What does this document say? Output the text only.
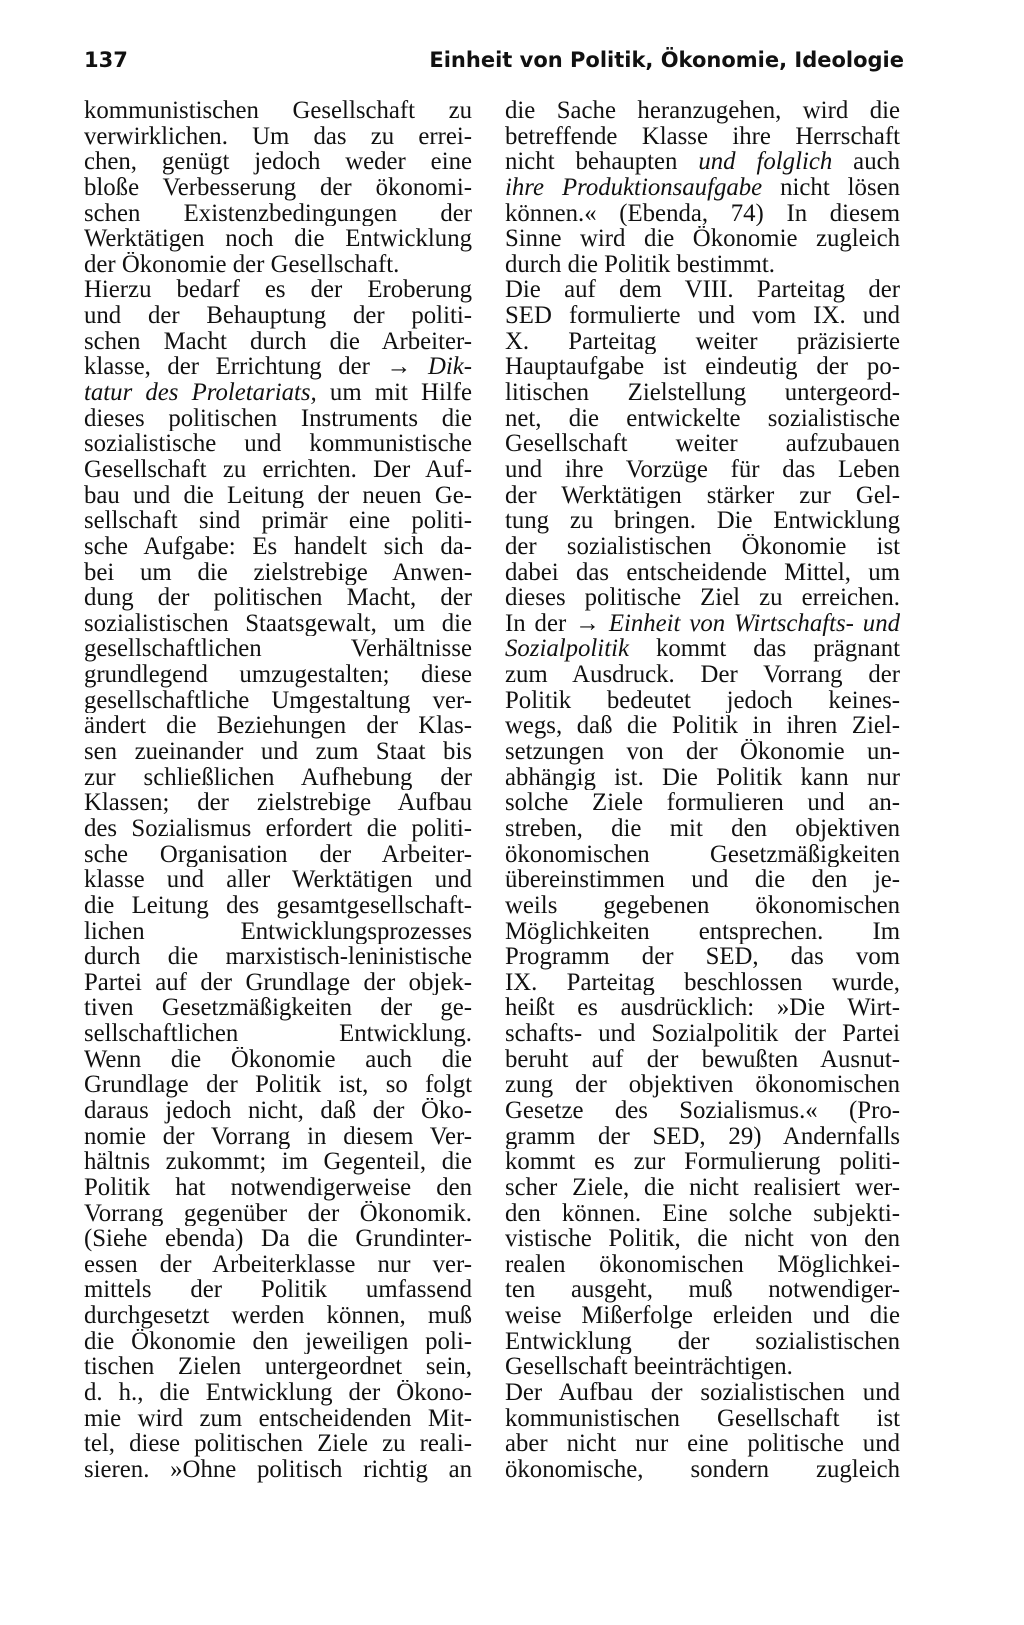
137	Einheit von Politik, Ökonomie, Ideologie
kommunistischen Gesellschaft zu
verwirklichen. Um das zu errei-
chen, genügt jedoch weder eine
bloße Verbesserung der ökonomi-
schen Existenzbedingungen der
Werktätigen noch die Entwicklung
der Ökonomie der Gesellschaft.
Hierzu bedarf es der Eroberung
und der Behauptung der politi-
schen Macht durch die Arbeiter-
klasse, der Errichtung der → Dik-
tatur des Proletariats, um mit Hilfe
dieses politischen Instruments die
sozialistische und kommunistische
Gesellschaft zu errichten. Der Auf-
bau und die Leitung der neuen Ge-
sellschaft sind primär eine politi-
sche Aufgabe: Es handelt sich da-
bei um die zielstrebige Anwen-
dung der politischen Macht, der
sozialistischen Staatsgewalt, um die
gesellschaftlichen Verhältnisse
grundlegend umzugestalten; diese
gesellschaftliche Umgestaltung ver-
ändert die Beziehungen der Klas-
sen zueinander und zum Staat bis
zur schließlichen Aufhebung der
Klassen; der zielstrebige Aufbau
des Sozialismus erfordert die politi-
sche Organisation der Arbeiter-
klasse und aller Werktätigen und
die Leitung des gesamtgesellschaft-
lichen Entwicklungsprozesses
durch die marxistisch-leninistische
Partei auf der Grundlage der objek-
tiven Gesetzmäßigkeiten der ge-
sellschaftlichen Entwicklung.
Wenn die Ökonomie auch die
Grundlage der Politik ist, so folgt
daraus jedoch nicht, daß der Öko-
nomie der Vorrang in diesem Ver-
hältnis zukommt; im Gegenteil, die
Politik hat notwendigerweise den
Vorrang gegenüber der Ökonomik.
(Siehe ebenda) Da die Grundinter-
essen der Arbeiterklasse nur ver-
mittels der Politik umfassend
durchgesetzt werden können, muß
die Ökonomie den jeweiligen poli-
tischen Zielen untergeordnet sein,
d. h., die Entwicklung der Ökono-
mie wird zum entscheidenden Mit-
tel, diese politischen Ziele zu reali-
sieren. »Ohne politisch richtig an
die Sache heranzugehen, wird die
betreffende Klasse ihre Herrschaft
nicht behaupten und folglich auch
ihre Produktionsaufgabe nicht lösen
können.« (Ebenda, 74) In diesem
Sinne wird die Ökonomie zugleich
durch die Politik bestimmt.
Die auf dem VIII. Parteitag der
SED formulierte und vom IX. und
X. Parteitag weiter präzisierte
Hauptaufgabe ist eindeutig der po-
litischen Zielstellung untergeord-
net, die entwickelte sozialistische
Gesellschaft weiter aufzubauen
und ihre Vorzüge für das Leben
der Werktätigen stärker zur Gel-
tung zu bringen. Die Entwicklung
der sozialistischen Ökonomie ist
dabei das entscheidende Mittel, um
dieses politische Ziel zu erreichen.
In der → Einheit von Wirtschafts- und
Sozialpolitik kommt das prägnant
zum Ausdruck. Der Vorrang der
Politik bedeutet jedoch keines-
wegs, daß die Politik in ihren Ziel-
setzungen von der Ökonomie un-
abhängig ist. Die Politik kann nur
solche Ziele formulieren und an-
streben, die mit den objektiven
ökonomischen Gesetzmäßigkeiten
übereinstimmen und die den je-
weils gegebenen ökonomischen
Möglichkeiten entsprechen. Im
Programm der SED, das vom
IX. Parteitag beschlossen wurde,
heißt es ausdrücklich: »Die Wirt-
schafts- und Sozialpolitik der Partei
beruht auf der bewußten Ausnut-
zung der objektiven ökonomischen
Gesetze des Sozialismus.« (Pro-
gramm der SED, 29) Andernfalls
kommt es zur Formulierung politi-
scher Ziele, die nicht realisiert wer-
den können. Eine solche subjekti-
vistische Politik, die nicht von den
realen ökonomischen Möglichkei-
ten ausgeht, muß notwendiger-
weise Mißerfolge erleiden und die
Entwicklung der sozialistischen
Gesellschaft beeinträchtigen.
Der Aufbau der sozialistischen und
kommunistischen Gesellschaft ist
aber nicht nur eine politische und
ökonomische, sondern zugleich
